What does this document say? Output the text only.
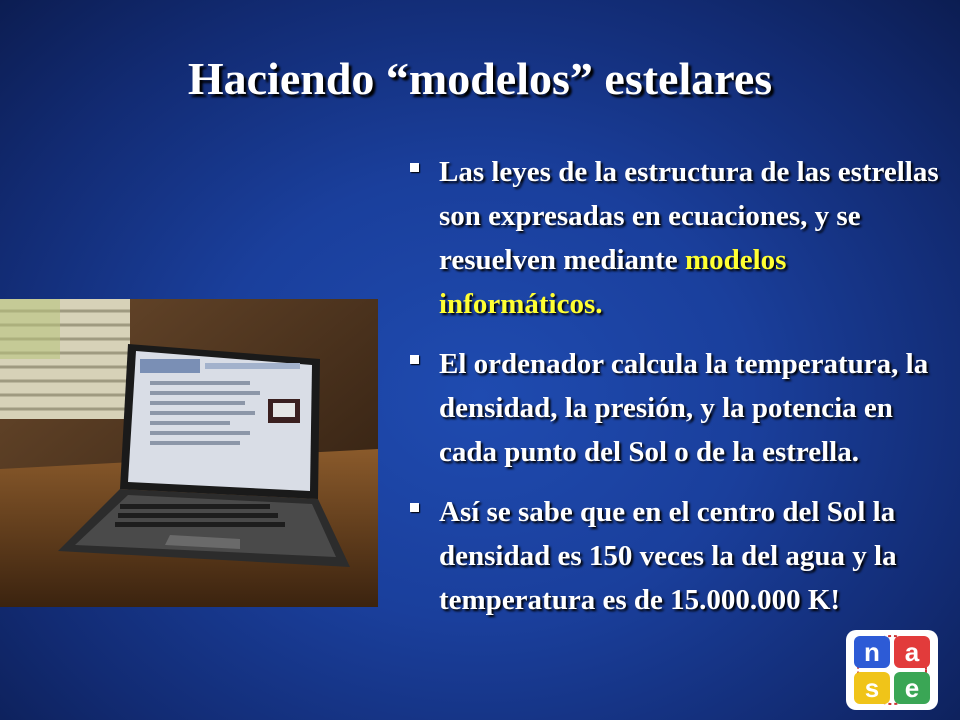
Haciendo “modelos” estelares
Las leyes de la estructura de las estrellas son expresadas en ecuaciones, y se resuelven mediante modelos informáticos.
El ordenador calcula la temperatura, la densidad, la presión, y la potencia en cada punto del Sol o de la estrella.
Así se sabe que en el centro del Sol la densidad es 150 veces la del agua y la temperatura es de 15.000.000 K!
n a
s e
